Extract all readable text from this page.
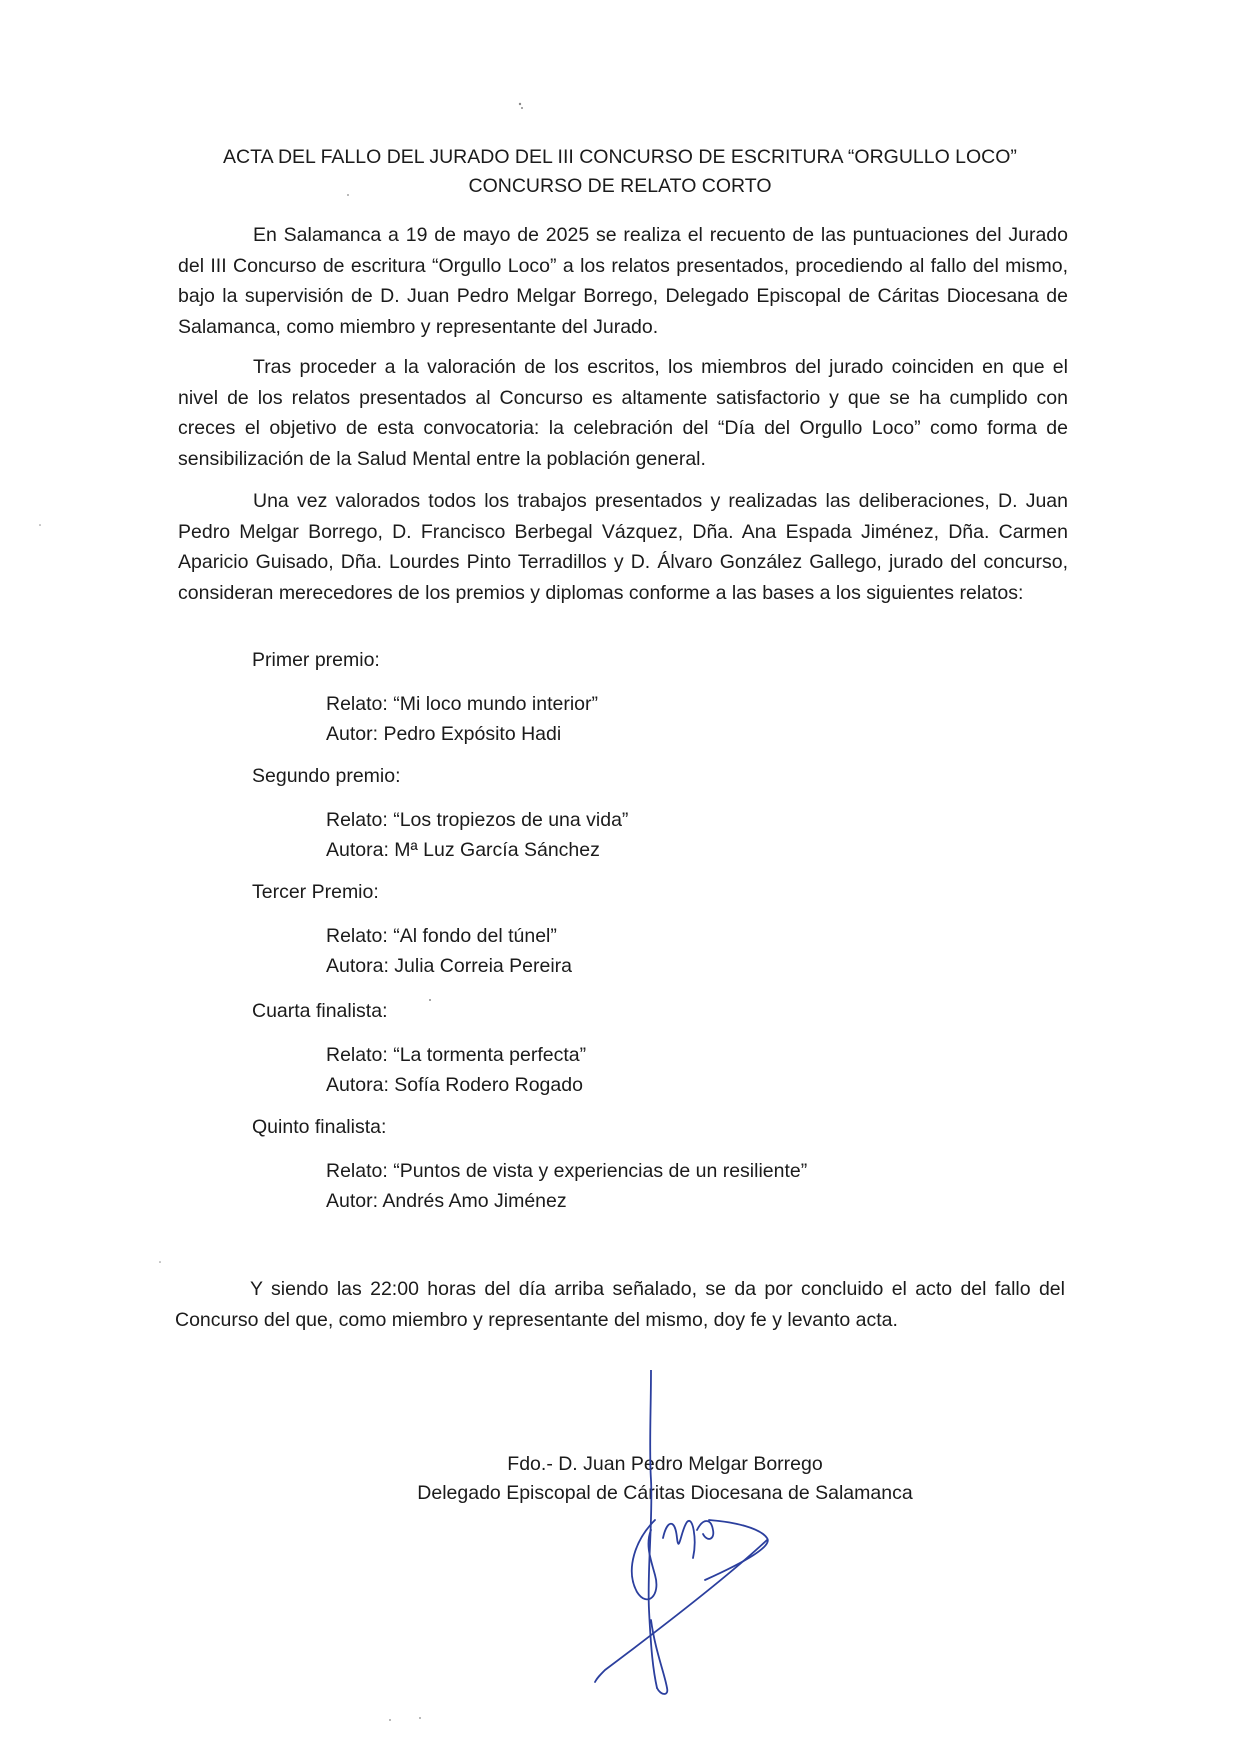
ACTA DEL FALLO DEL JURADO DEL III CONCURSO DE ESCRITURA “ORGULLO LOCO”
CONCURSO DE RELATO CORTO

En Salamanca a 19 de mayo de 2025 se realiza el recuento de las puntuaciones del Jurado del III Concurso de escritura “Orgullo Loco” a los relatos presentados, procediendo al fallo del mismo, bajo la supervisión de D. Juan Pedro Melgar Borrego, Delegado Episcopal de Cáritas Diocesana de Salamanca, como miembro y representante del Jurado.

Tras proceder a la valoración de los escritos, los miembros del jurado coinciden en que el nivel de los relatos presentados al Concurso es altamente satisfactorio y que se ha cumplido con creces el objetivo de esta convocatoria: la celebración del “Día del Orgullo Loco” como forma de sensibilización de la Salud Mental entre la población general.

Una vez valorados todos los trabajos presentados y realizadas las deliberaciones, D. Juan Pedro Melgar Borrego, D. Francisco Berbegal Vázquez, Dña. Ana Espada Jiménez, Dña. Carmen Aparicio Guisado, Dña. Lourdes Pinto Terradillos y D. Álvaro González Gallego, jurado del concurso, consideran merecedores de los premios y diplomas conforme a las bases a los siguientes relatos:

Primer premio:
Relato: “Mi loco mundo interior”
Autor: Pedro Expósito Hadi
Segundo premio:
Relato: “Los tropiezos de una vida”
Autora: Mª Luz García Sánchez
Tercer Premio:
Relato: “Al fondo del túnel”
Autora: Julia Correia Pereira
Cuarta finalista:
Relato: “La tormenta perfecta”
Autora: Sofía Rodero Rogado
Quinto finalista:
Relato: “Puntos de vista y experiencias de un resiliente”
Autor: Andrés Amo Jiménez

Y siendo las 22:00 horas del día arriba señalado, se da por concluido el acto del fallo del Concurso del que, como miembro y representante del mismo, doy fe y levanto acta.

Fdo.- D. Juan Pedro Melgar Borrego
Delegado Episcopal de Cáritas Diocesana de Salamanca
